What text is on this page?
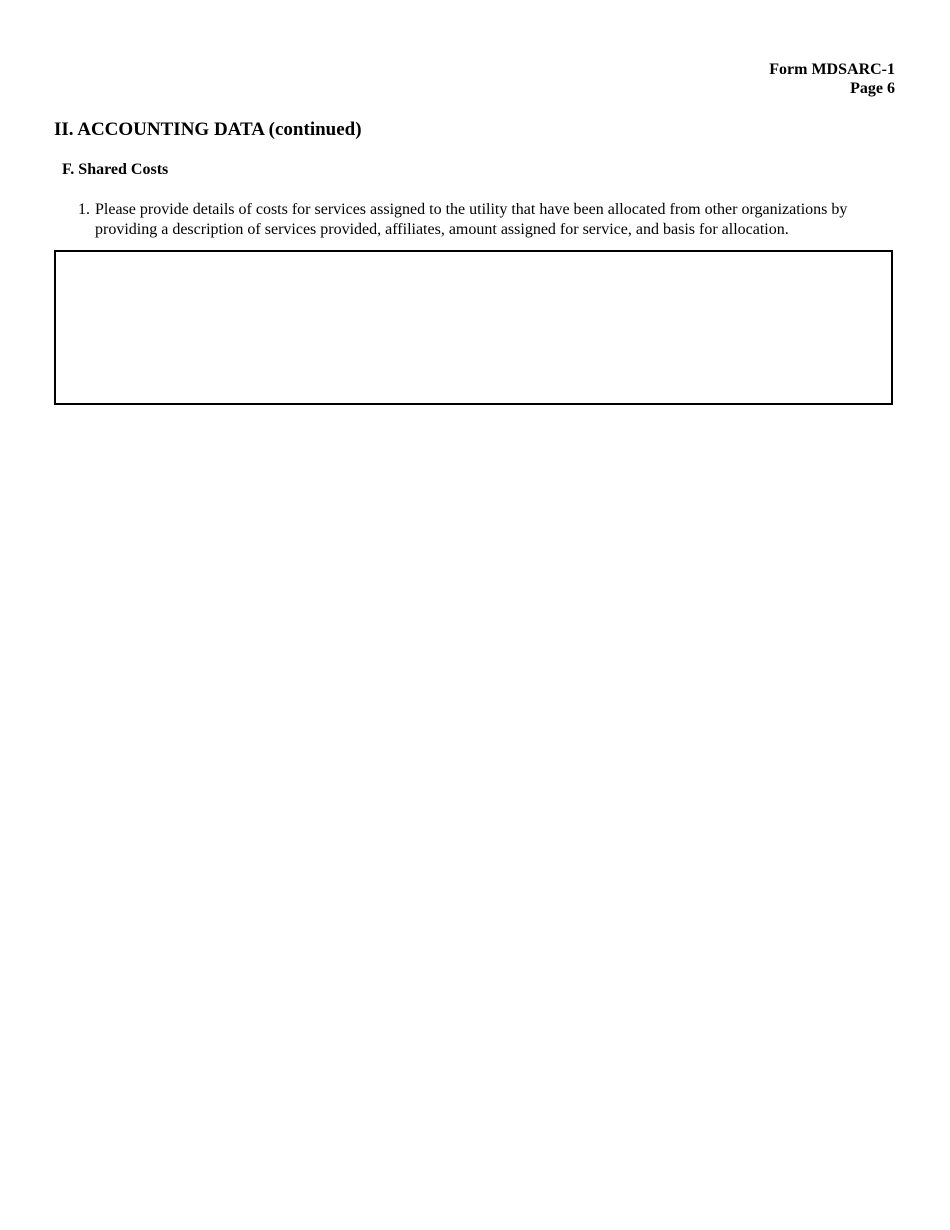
Form MDSARC-1
Page 6
II. ACCOUNTING DATA (continued)
F. Shared Costs
1. Please provide details of costs for services assigned to the utility that have been allocated from other organizations by providing a description of services provided, affiliates, amount assigned for service, and basis for allocation.
